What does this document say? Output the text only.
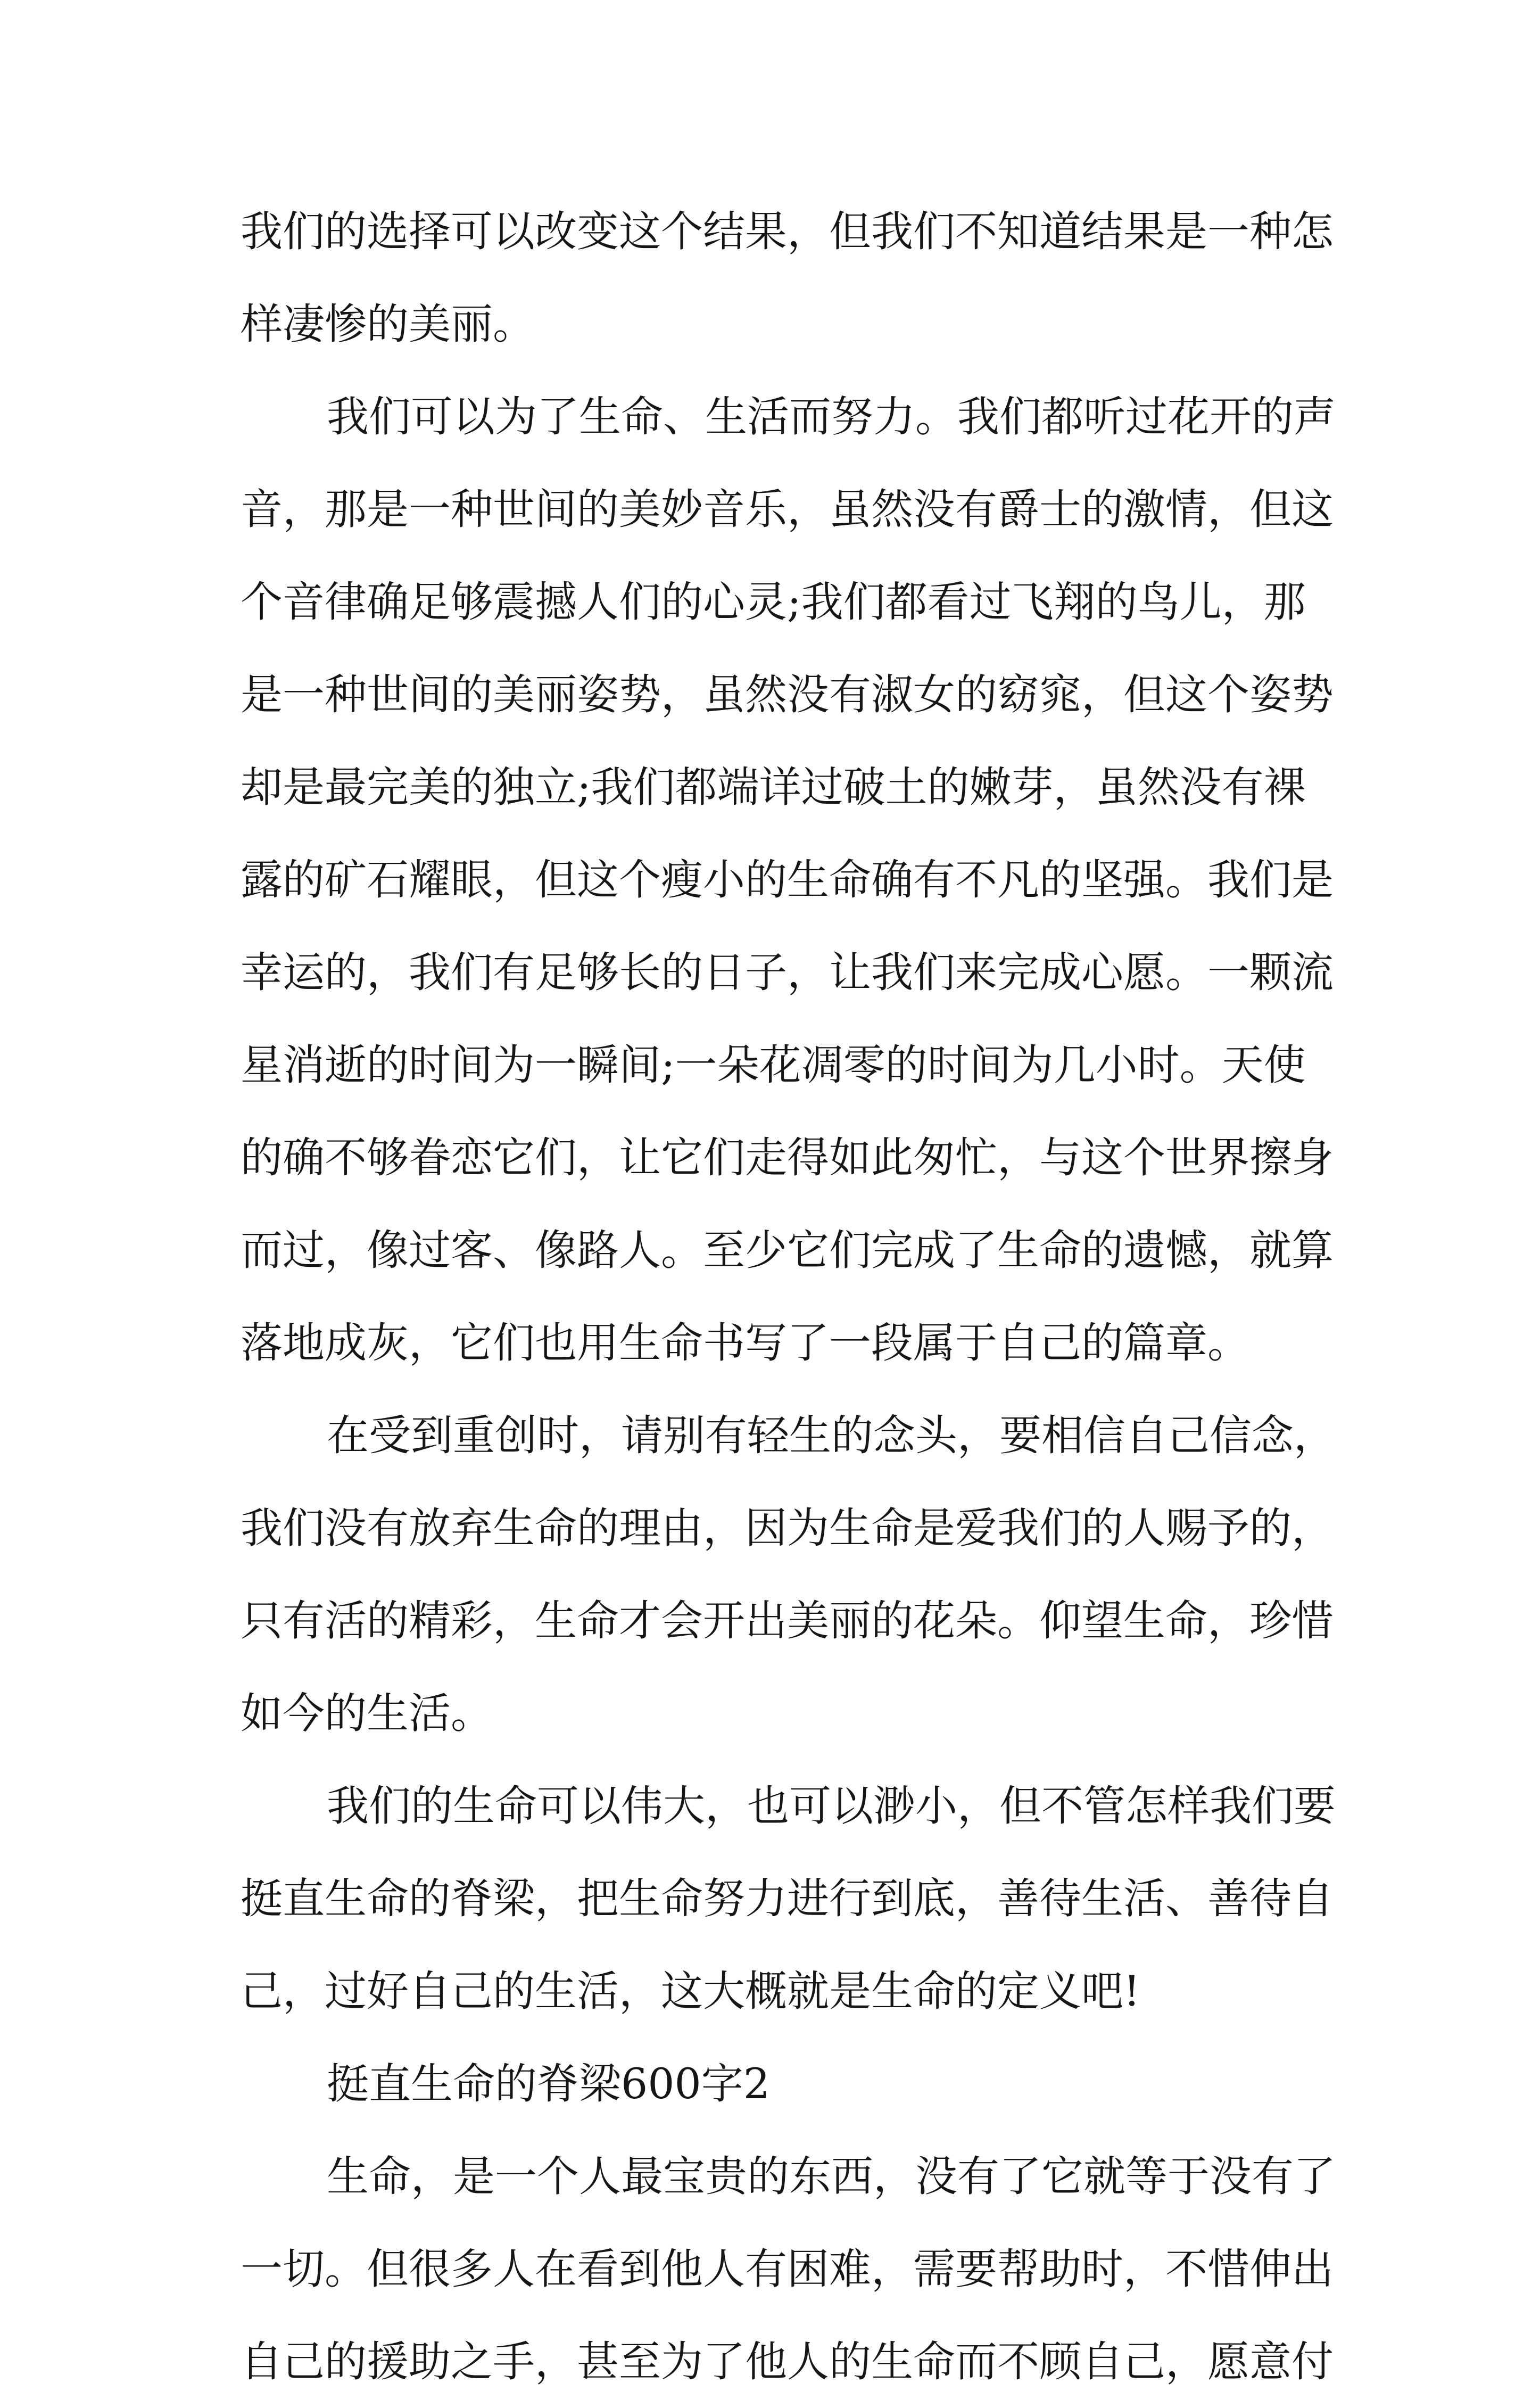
我们的选择可以改变这个结果，但我们不知道结果是一种怎
样凄惨的美丽。
我们可以为了生命、生活而努力。我们都听过花开的声
音，那是一种世间的美妙音乐，虽然没有爵士的激情，但这
个音律确足够震撼人们的心灵;我们都看过飞翔的鸟儿，那
是一种世间的美丽姿势，虽然没有淑女的窈窕，但这个姿势
却是最完美的独立;我们都端详过破土的嫩芽，虽然没有裸
露的矿石耀眼，但这个瘦小的生命确有不凡的坚强。我们是
幸运的，我们有足够长的日子，让我们来完成心愿。一颗流
星消逝的时间为一瞬间;一朵花凋零的时间为几小时。天使
的确不够眷恋它们，让它们走得如此匆忙，与这个世界擦身
而过，像过客、像路人。至少它们完成了生命的遗憾，就算
落地成灰，它们也用生命书写了一段属于自己的篇章。
在受到重创时，请别有轻生的念头，要相信自己信念，
我们没有放弃生命的理由，因为生命是爱我们的人赐予的，
只有活的精彩，生命才会开出美丽的花朵。仰望生命，珍惜
如今的生活。
我们的生命可以伟大，也可以渺小，但不管怎样我们要
挺直生命的脊梁，把生命努力进行到底，善待生活、善待自
己，过好自己的生活，这大概就是生命的定义吧!
挺直生命的脊梁600字2
生命，是一个人最宝贵的东西，没有了它就等于没有了
一切。但很多人在看到他人有困难，需要帮助时，不惜伸出
自己的援助之手，甚至为了他人的生命而不顾自己，愿意付
